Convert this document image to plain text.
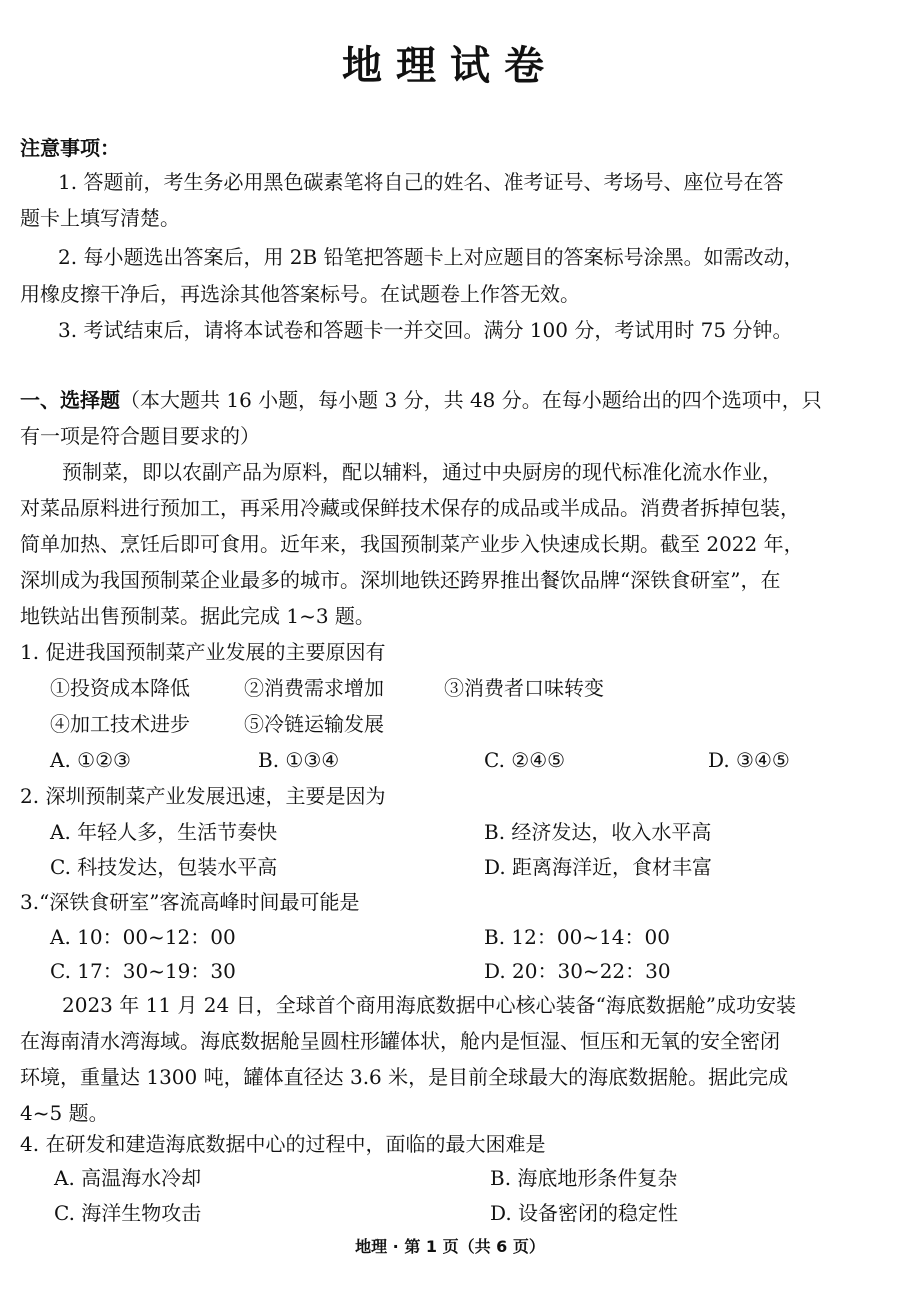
地理试卷
注意事项：
1. 答题前，考生务必用黑色碳素笔将自己的姓名、准考证号、考场号、座位号在答
题卡上填写清楚。
2. 每小题选出答案后，用 2B 铅笔把答题卡上对应题目的答案标号涂黑。如需改动，
用橡皮擦干净后，再选涂其他答案标号。在试题卷上作答无效。
3. 考试结束后，请将本试卷和答题卡一并交回。满分 100 分，考试用时 75 分钟。
一、选择题（本大题共 16 小题，每小题 3 分，共 48 分。在每小题给出的四个选项中，只
有一项是符合题目要求的）
预制菜，即以农副产品为原料，配以辅料，通过中央厨房的现代标准化流水作业，
对菜品原料进行预加工，再采用冷藏或保鲜技术保存的成品或半成品。消费者拆掉包装，
简单加热、烹饪后即可食用。近年来，我国预制菜产业步入快速成长期。截至 2022 年，
深圳成为我国预制菜企业最多的城市。深圳地铁还跨界推出餐饮品牌“深铁食研室”，在
地铁站出售预制菜。据此完成 1~3 题。
1. 促进我国预制菜产业发展的主要原因有
①投资成本降低	②消费需求增加	③消费者口味转变
④加工技术进步	⑤冷链运输发展
A. ①②③	B. ①③④	C. ②④⑤	D. ③④⑤
2. 深圳预制菜产业发展迅速，主要是因为
A. 年轻人多，生活节奏快	B. 经济发达，收入水平高
C. 科技发达，包装水平高	D. 距离海洋近，食材丰富
3.“深铁食研室”客流高峰时间最可能是
A. 10：00~12：00	B. 12：00~14：00
C. 17：30~19：30	D. 20：30~22：30
2023 年 11 月 24 日，全球首个商用海底数据中心核心装备“海底数据舱”成功安装
在海南清水湾海域。海底数据舱呈圆柱形罐体状，舱内是恒湿、恒压和无氧的安全密闭
环境，重量达 1300 吨，罐体直径达 3.6 米，是目前全球最大的海底数据舱。据此完成
4~5 题。
4. 在研发和建造海底数据中心的过程中，面临的最大困难是
A. 高温海水冷却	B. 海底地形条件复杂
C. 海洋生物攻击	D. 设备密闭的稳定性
地理 · 第 1 页（共 6 页）
